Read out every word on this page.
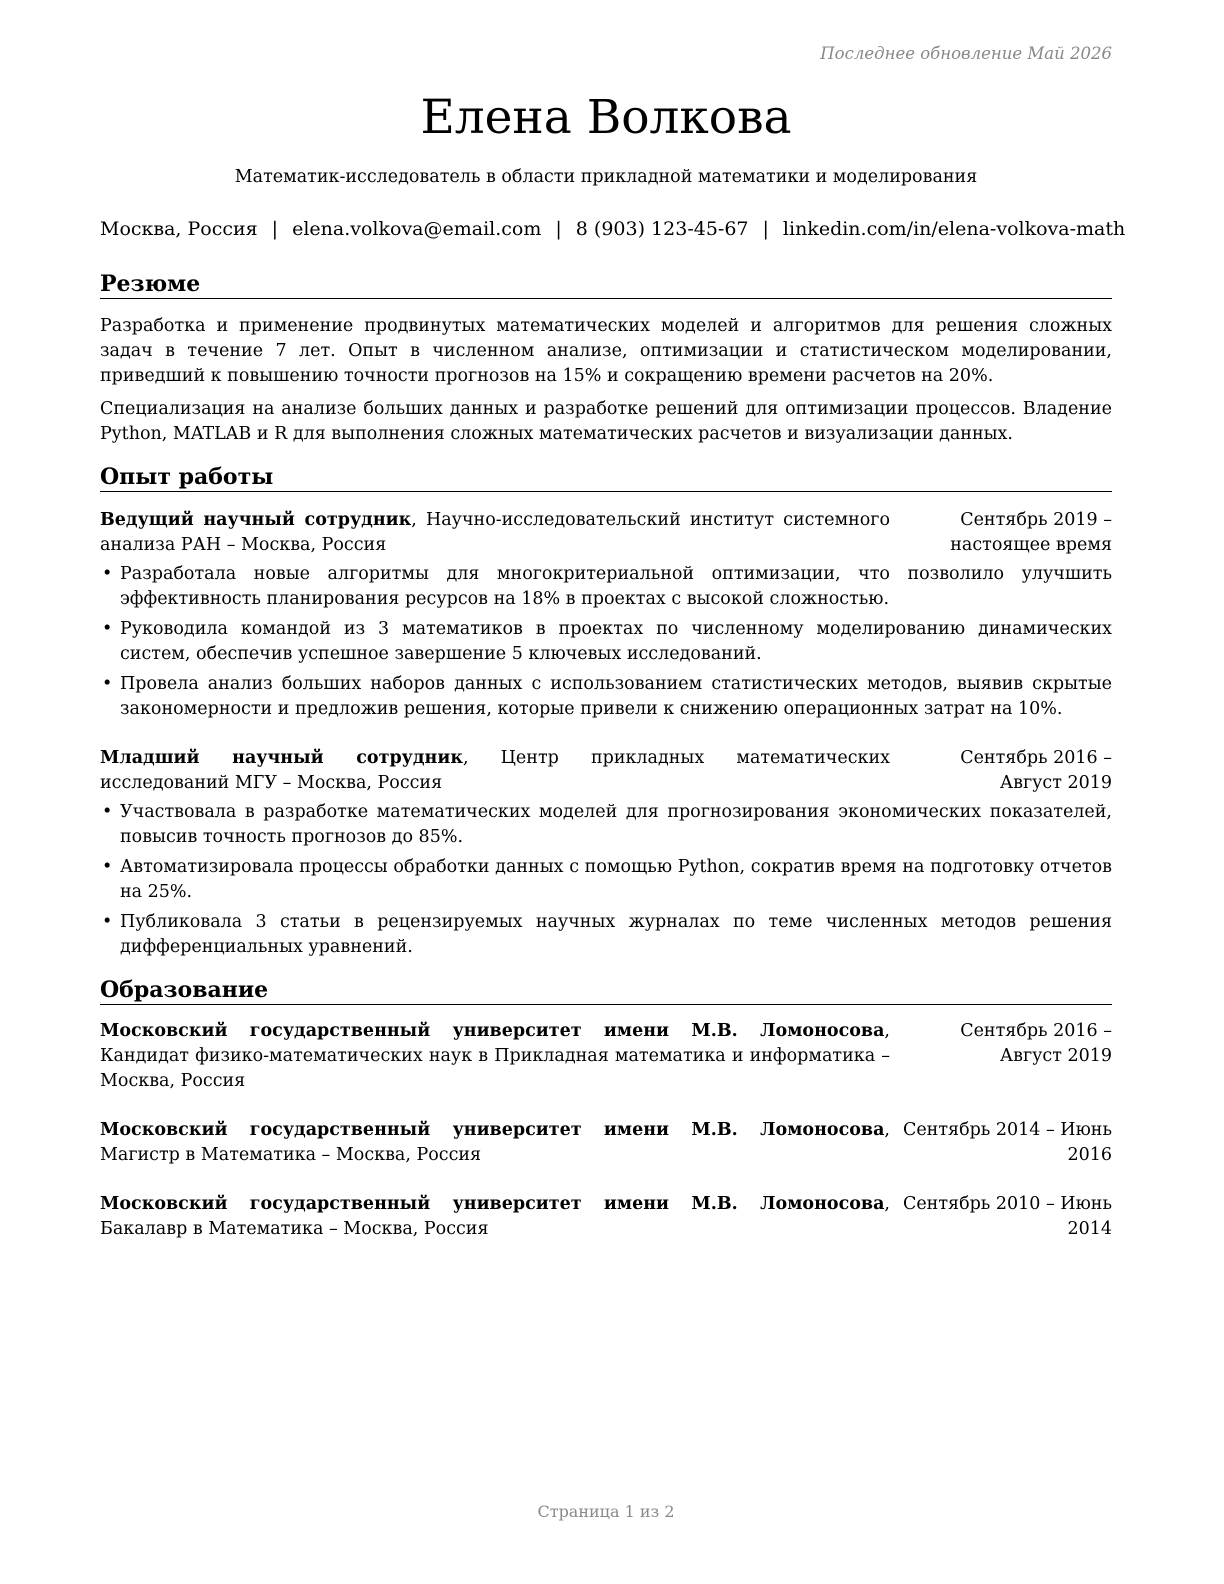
Последнее обновление Май 2026
Елена Волкова
Математик-исследователь в области прикладной математики и моделирования
Москва, Россия | elena.volkova@email.com | 8 (903) 123-45-67 | linkedin.com/in/elena-volkova-math
Резюме

Разработка и применение продвинутых математических моделей и алгоритмов для решения сложных задач в течение 7 лет. Опыт в численном анализе, оптимизации и статистическом моделировании, приведший к повышению точности прогнозов на 15% и сокращению времени расчетов на 20%.

Специализация на анализе больших данных и разработке решений для оптимизации процессов. Владение Python, MATLAB и R для выполнения сложных математических расчетов и визуализации данных.

Опыт работы
Ведущий научный сотрудник, Научно-исследовательский институт системного анализа РАН – Москва, Россия
Сентябрь 2019 – настоящее время
• Разработала новые алгоритмы для многокритериальной оптимизации, что позволило улучшить эффективность планирования ресурсов на 18% в проектах с высокой сложностью.
• Руководила командой из 3 математиков в проектах по численному моделированию динамических систем, обеспечив успешное завершение 5 ключевых исследований.
• Провела анализ больших наборов данных с использованием статистических методов, выявив скрытые закономерности и предложив решения, которые привели к снижению операционных затрат на 10%.
Младший научный сотрудник, Центр прикладных математических исследований МГУ – Москва, Россия
Сентябрь 2016 – Август 2019
• Участвовала в разработке математических моделей для прогнозирования экономических показателей, повысив точность прогнозов до 85%.
• Автоматизировала процессы обработки данных с помощью Python, сократив время на подготовку отчетов на 25%.
• Публиковала 3 статьи в рецензируемых научных журналах по теме численных методов решения дифференциальных уравнений.
Образование
Московский государственный университет имени М.В. Ломоносова, Кандидат физико-математических наук в Прикладная математика и информатика – Москва, Россия
Сентябрь 2016 – Август 2019
Московский государственный университет имени М.В. Ломоносова, Магистр в Математика – Москва, Россия
Сентябрь 2014 – Июнь 2016
Московский государственный университет имени М.В. Ломоносова, Бакалавр в Математика – Москва, Россия
Сентябрь 2010 – Июнь 2014
Страница 1 из 2
